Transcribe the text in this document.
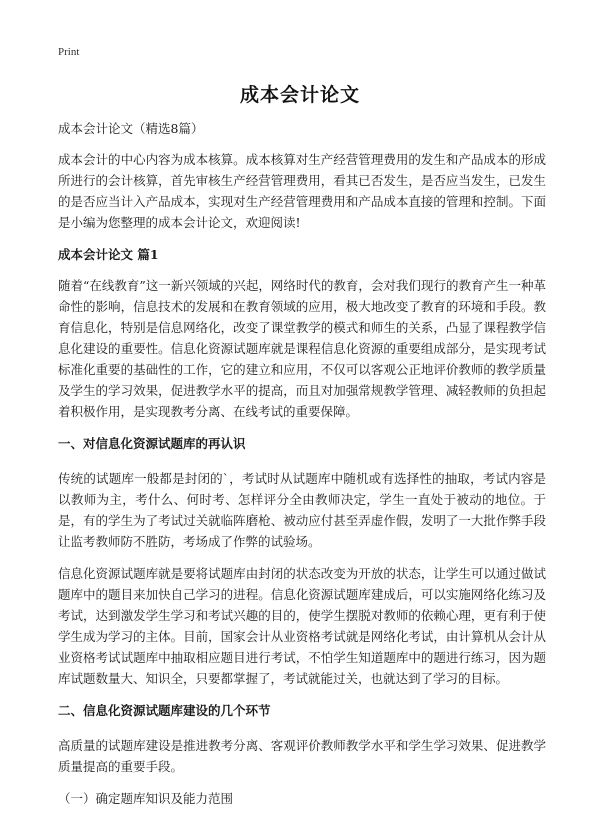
Print
成本会计论文

成本会计论文（精选8篇）

成本会计的中心内容为成本核算。成本核算对生产经营管理费用的发生和产品成本的形成所进行的会计核算，首先审核生产经营管理费用，看其已否发生，是否应当发生，已发生的是否应当计入产品成本，实现对生产经营管理费用和产品成本直接的管理和控制。下面是小编为您整理的成本会计论文，欢迎阅读!

成本会计论文 篇1

随着“在线教育”这一新兴领域的兴起，网络时代的教育，会对我们现行的教育产生一种革命性的影响，信息技术的发展和在教育领域的应用，极大地改变了教育的环境和手段。教育信息化，特别是信息网络化，改变了课堂教学的模式和师生的关系，凸显了课程教学信息化建设的重要性。信息化资源试题库就是课程信息化资源的重要组成部分，是实现考试标准化重要的基础性的工作，它的建立和应用，不仅可以客观公正地评价教师的教学质量及学生的学习效果，促进教学水平的提高，而且对加强常规教学管理、减轻教师的负担起着积极作用，是实现教考分离、在线考试的重要保障。

一、对信息化资源试题库的再认识

传统的试题库一般都是封闭的`，考试时从试题库中随机或有选择性的抽取，考试内容是以教师为主，考什么、何时考、怎样评分全由教师决定，学生一直处于被动的地位。于是，有的学生为了考试过关就临阵磨枪、被动应付甚至弄虚作假，发明了一大批作弊手段让监考教师防不胜防，考场成了作弊的试验场。

信息化资源试题库就是要将试题库由封闭的状态改变为开放的状态，让学生可以通过做试题库中的题目来加快自己学习的进程。信息化资源试题库建成后，可以实施网络化练习及考试，达到激发学生学习和考试兴趣的目的，使学生摆脱对教师的依赖心理，更有利于使学生成为学习的主体。目前，国家会计从业资格考试就是网络化考试，由计算机从会计从业资格考试试题库中抽取相应题目进行考试，不怕学生知道题库中的题进行练习，因为题库试题数量大、知识全，只要都掌握了，考试就能过关，也就达到了学习的目标。

二、信息化资源试题库建设的几个环节

高质量的试题库建设是推进教考分离、客观评价教师教学水平和学生学习效果、促进教学质量提高的重要手段。

（一）确定题库知识及能力范围
